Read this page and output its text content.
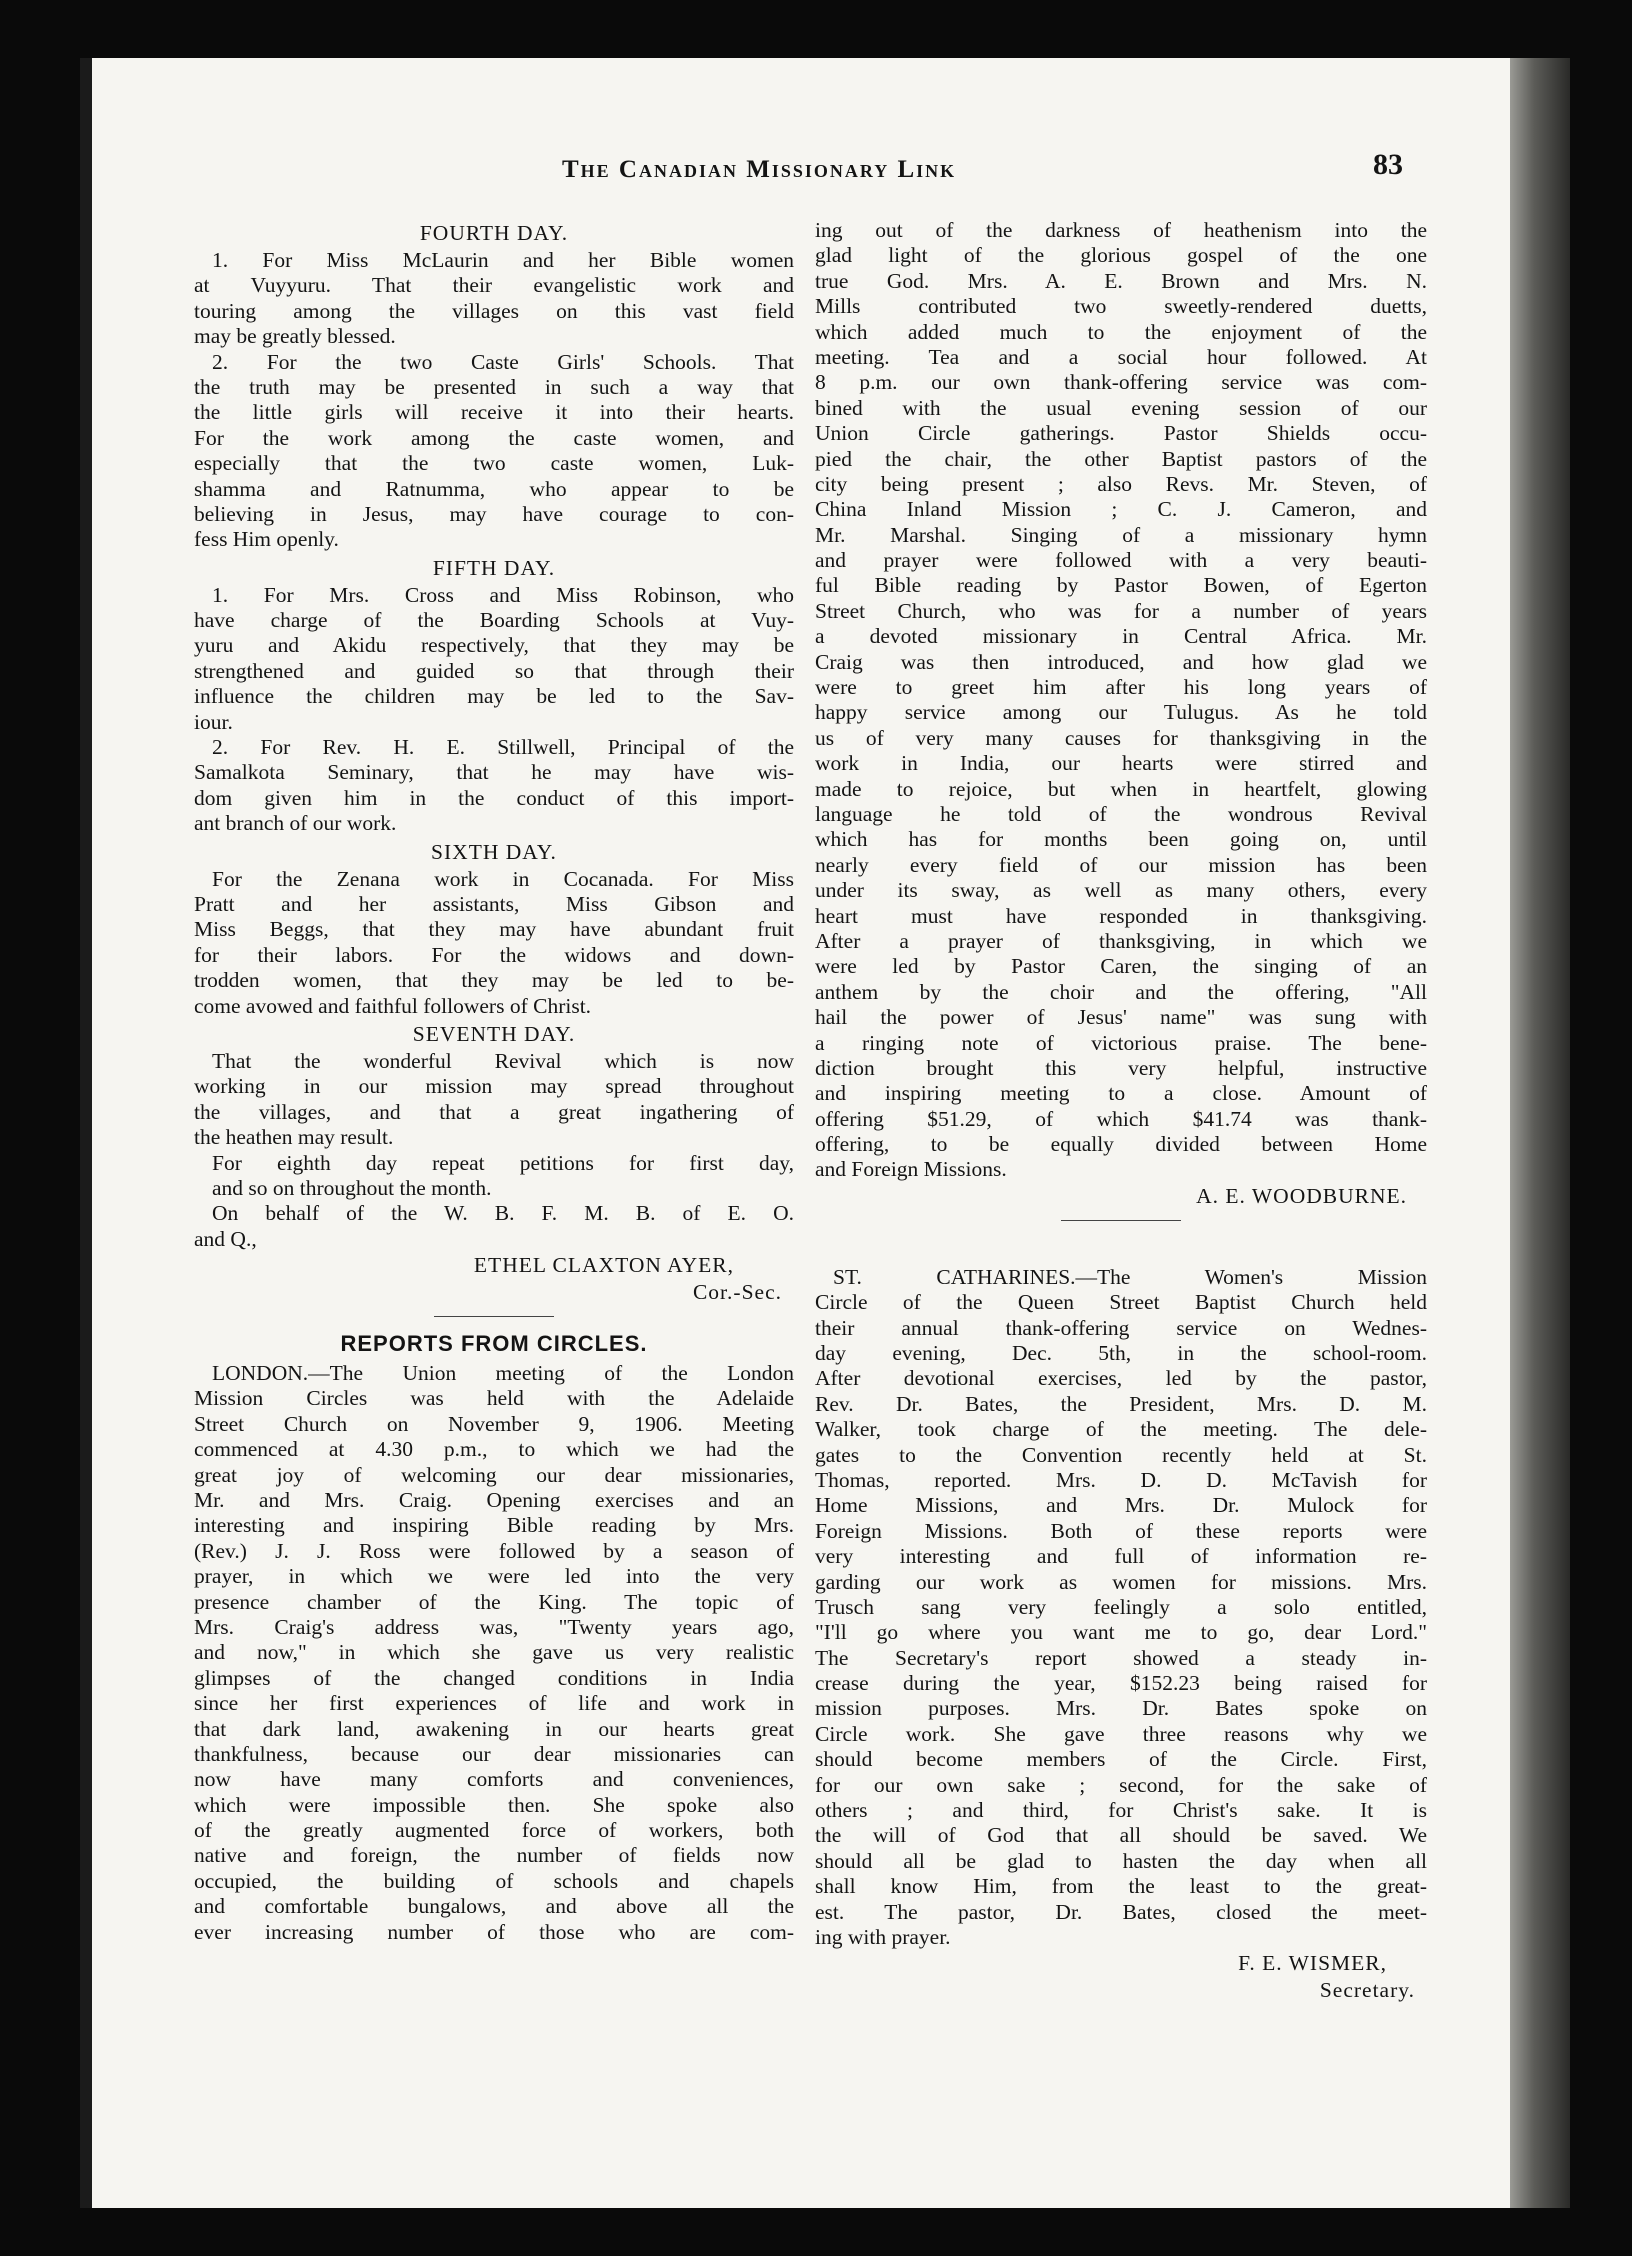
The Canadian Missionary Link	83
FOURTH DAY.
1. For Miss McLaurin and her Bible women
at Vuyyuru. That their evangelistic work and
touring among the villages on this vast field
may be greatly blessed.
2. For the two Caste Girls' Schools. That
the truth may be presented in such a way that
the little girls will receive it into their hearts.
For the work among the caste women, and
especially that the two caste women, Luk-
shamma and Ratnumma, who appear to be
believing in Jesus, may have courage to con-
fess Him openly.
FIFTH DAY.
1. For Mrs. Cross and Miss Robinson, who
have charge of the Boarding Schools at Vuy-
yuru and Akidu respectively, that they may be
strengthened and guided so that through their
influence the children may be led to the Sav-
iour.
2. For Rev. H. E. Stillwell, Principal of the
Samalkota Seminary, that he may have wis-
dom given him in the conduct of this import-
ant branch of our work.
SIXTH DAY.
For the Zenana work in Cocanada. For Miss
Pratt and her assistants, Miss Gibson and
Miss Beggs, that they may have abundant fruit
for their labors. For the widows and down-
trodden women, that they may be led to be-
come avowed and faithful followers of Christ.
SEVENTH DAY.
That the wonderful Revival which is now
working in our mission may spread throughout
the villages, and that a great ingathering of
the heathen may result.
For eighth day repeat petitions for first day,
and so on throughout the month.
On behalf of the W. B. F. M. B. of E. O.
and Q.,
ETHEL CLAXTON AYER,
Cor.-Sec.
REPORTS FROM CIRCLES.
LONDON.—The Union meeting of the London
Mission Circles was held with the Adelaide
Street Church on November 9, 1906. Meeting
commenced at 4.30 p.m., to which we had the
great joy of welcoming our dear missionaries,
Mr. and Mrs. Craig. Opening exercises and an
interesting and inspiring Bible reading by Mrs.
(Rev.) J. J. Ross were followed by a season of
prayer, in which we were led into the very
presence chamber of the King. The topic of
Mrs. Craig's address was, "Twenty years ago,
and now," in which she gave us very realistic
glimpses of the changed conditions in India
since her first experiences of life and work in
that dark land, awakening in our hearts great
thankfulness, because our dear missionaries can
now have many comforts and conveniences,
which were impossible then. She spoke also
of the greatly augmented force of workers, both
native and foreign, the number of fields now
occupied, the building of schools and chapels
and comfortable bungalows, and above all the
ever increasing number of those who are com-
ing out of the darkness of heathenism into the
glad light of the glorious gospel of the one
true God. Mrs. A. E. Brown and Mrs. N.
Mills contributed two sweetly-rendered duetts,
which added much to the enjoyment of the
meeting. Tea and a social hour followed. At
8 p.m. our own thank-offering service was com-
bined with the usual evening session of our
Union Circle gatherings. Pastor Shields occu-
pied the chair, the other Baptist pastors of the
city being present ; also Revs. Mr. Steven, of
China Inland Mission ; C. J. Cameron, and
Mr. Marshal. Singing of a missionary hymn
and prayer were followed with a very beauti-
ful Bible reading by Pastor Bowen, of Egerton
Street Church, who was for a number of years
a devoted missionary in Central Africa. Mr.
Craig was then introduced, and how glad we
were to greet him after his long years of
happy service among our Tulugus. As he told
us of very many causes for thanksgiving in the
work in India, our hearts were stirred and
made to rejoice, but when in heartfelt, glowing
language he told of the wondrous Revival
which has for months been going on, until
nearly every field of our mission has been
under its sway, as well as many others, every
heart must have responded in thanksgiving.
After a prayer of thanksgiving, in which we
were led by Pastor Caren, the singing of an
anthem by the choir and the offering, "All
hail the power of Jesus' name" was sung with
a ringing note of victorious praise. The bene-
diction brought this very helpful, instructive
and inspiring meeting to a close. Amount of
offering $51.29, of which $41.74 was thank-
offering, to be equally divided between Home
and Foreign Missions.
A. E. WOODBURNE.
ST. CATHARINES.—The Women's Mission
Circle of the Queen Street Baptist Church held
their annual thank-offering service on Wednes-
day evening, Dec. 5th, in the school-room.
After devotional exercises, led by the pastor,
Rev. Dr. Bates, the President, Mrs. D. M.
Walker, took charge of the meeting. The dele-
gates to the Convention recently held at St.
Thomas, reported. Mrs. D. D. McTavish for
Home Missions, and Mrs. Dr. Mulock for
Foreign Missions. Both of these reports were
very interesting and full of information re-
garding our work as women for missions. Mrs.
Trusch sang very feelingly a solo entitled,
"I'll go where you want me to go, dear Lord."
The Secretary's report showed a steady in-
crease during the year, $152.23 being raised for
mission purposes. Mrs. Dr. Bates spoke on
Circle work. She gave three reasons why we
should become members of the Circle. First,
for our own sake ; second, for the sake of
others ; and third, for Christ's sake. It is
the will of God that all should be saved. We
should all be glad to hasten the day when all
shall know Him, from the least to the great-
est. The pastor, Dr. Bates, closed the meet-
ing with prayer.
F. E. WISMER,
Secretary.
